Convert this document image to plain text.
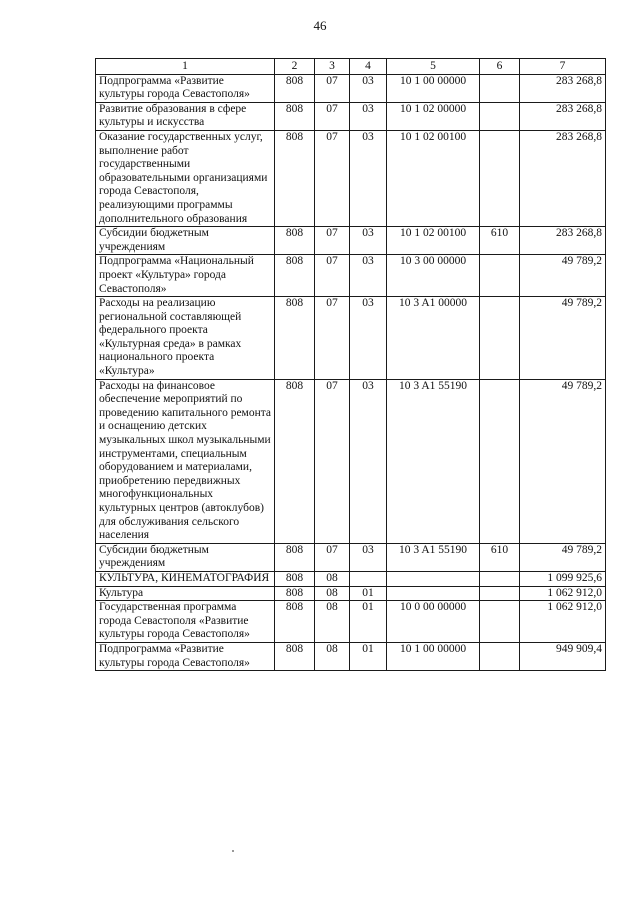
46
1	2	3	4	5	6	7
Подпрограмма «Развитие культуры города Севастополя»	808	07	03	10 1 00 00000		283 268,8
Развитие образования в сфере культуры и искусства	808	07	03	10 1 02 00000		283 268,8
Оказание государственных услуг, выполнение работ государственными образовательными организациями города Севастополя, реализующими программы дополнительного образования	808	07	03	10 1 02 00100		283 268,8
Субсидии бюджетным учреждениям	808	07	03	10 1 02 00100	610	283 268,8
Подпрограмма «Национальный проект «Культура» города Севастополя»	808	07	03	10 3 00 00000		49 789,2
Расходы на реализацию региональной составляющей федерального проекта «Культурная среда» в рамках национального проекта «Культура»	808	07	03	10 3 A1 00000		49 789,2
Расходы на финансовое обеспечение мероприятий по проведению капитального ремонта и оснащению детских музыкальных школ музыкальными инструментами, специальным оборудованием и материалами, приобретению передвижных многофункциональных культурных центров (автоклубов) для обслуживания сельского населения	808	07	03	10 3 A1 55190		49 789,2
Субсидии бюджетным учреждениям	808	07	03	10 3 A1 55190	610	49 789,2
КУЛЬТУРА, КИНЕМАТОГРАФИЯ	808	08				1 099 925,6
Культура	808	08	01			1 062 912,0
Государственная программа города Севастополя «Развитие культуры города Севастополя»	808	08	01	10 0 00 00000		1 062 912,0
Подпрограмма «Развитие культуры города Севастополя»	808	08	01	10 1 00 00000		949 909,4
